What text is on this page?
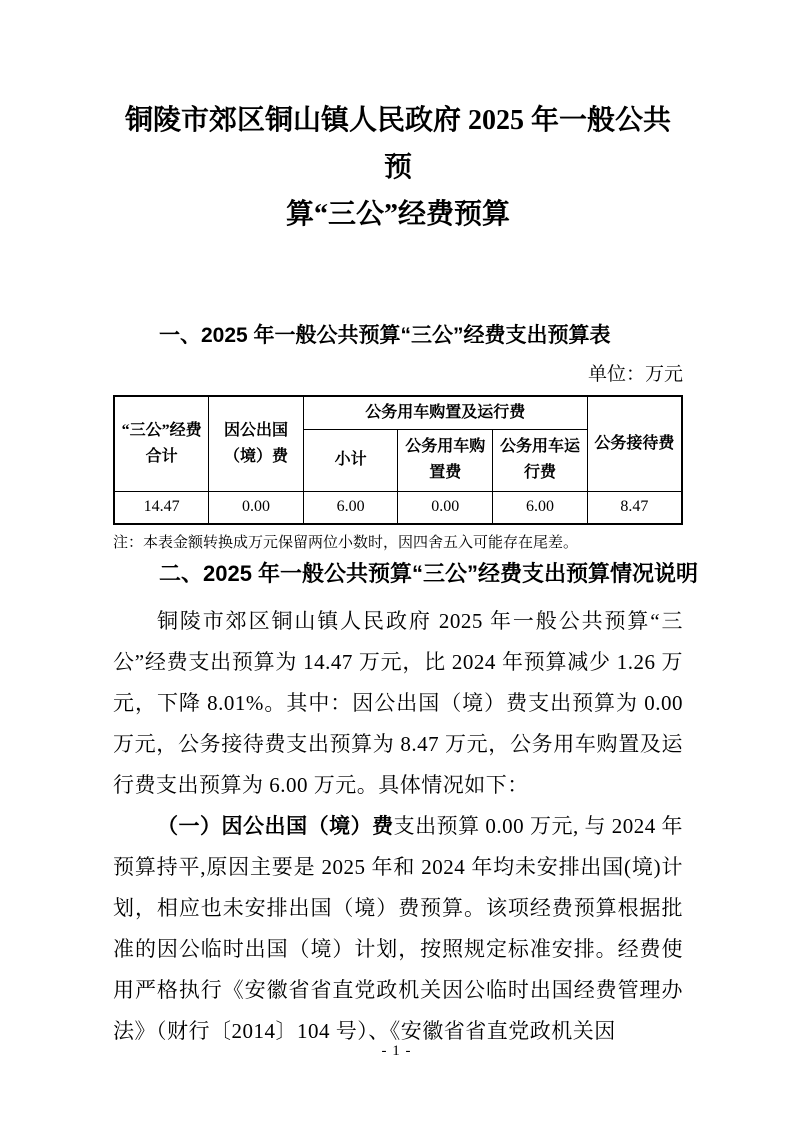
铜陵市郊区铜山镇人民政府 2025 年一般公共预
算“三公”经费预算
一、2025 年一般公共预算“三公”经费支出预算表
单位：万元
“三公”经费合计	因公出国（境）费	公务用车购置及运行费			公务接待费
		小计	公务用车购置费	公务用车运行费	
14.47	0.00	6.00	0.00	6.00	8.47
注：本表金额转换成万元保留两位小数时，因四舍五入可能存在尾差。
二、2025 年一般公共预算“三公”经费支出预算情况说明

铜陵市郊区铜山镇人民政府 2025 年一般公共预算“三公”经费支出预算为 14.47 万元，比 2024 年预算减少 1.26 万元，下降 8.01%。其中：因公出国（境）费支出预算为 0.00 万元，公务接待费支出预算为 8.47 万元，公务用车购置及运行费支出预算为 6.00 万元。具体情况如下：

（一）因公出国（境）费支出预算 0.00 万元, 与 2024 年预算持平,原因主要是 2025 年和 2024 年均未安排出国(境)计划，相应也未安排出国（境）费预算。该项经费预算根据批准的因公临时出国（境）计划，按照规定标准安排。经费使用严格执行《安徽省省直党政机关因公临时出国经费管理办法》（财行〔2014〕104 号）、《安徽省省直党政机关因

- 1 -
